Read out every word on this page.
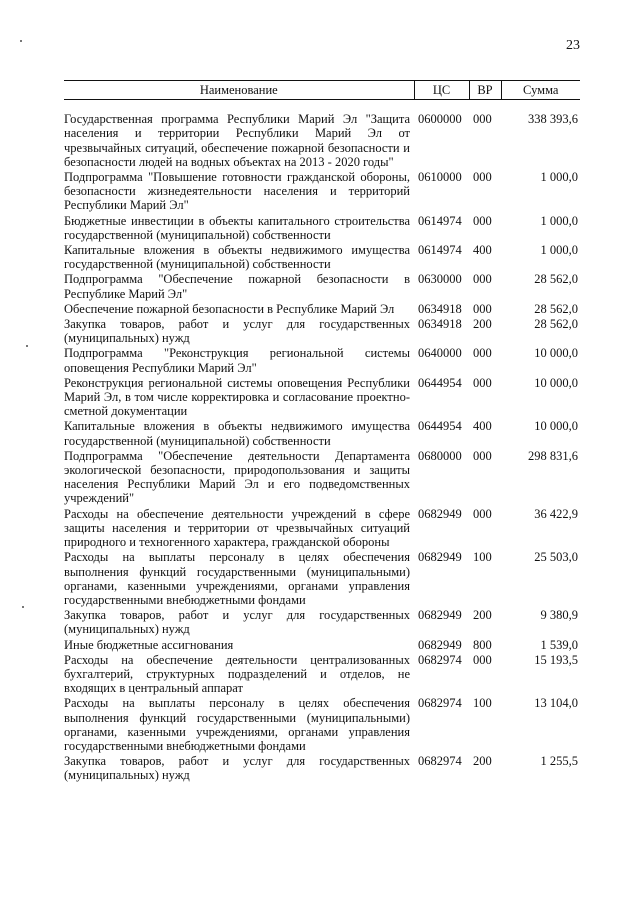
23
Наименование	ЦС	ВР	Сумма

Государственная программа Республики Марий Эл "Защита населения и территории Республики Марий Эл от чрезвычайных ситуаций, обеспечение пожарной безопасности и безопасности людей на водных объектах на 2013 - 2020 годы"	0600000	000	338 393,6
Подпрограмма "Повышение готовности гражданской обороны, безопасности жизнедеятельности населения и территорий Республики Марий Эл"	0610000	000	1 000,0
Бюджетные инвестиции в объекты капитального строительства государственной (муниципальной) собственности	0614974	000	1 000,0
Капитальные вложения в объекты недвижимого имущества государственной (муниципальной) собственности	0614974	400	1 000,0
Подпрограмма "Обеспечение пожарной безопасности в Республике Марий Эл"	0630000	000	28 562,0
Обеспечение пожарной безопасности в Республике Марий Эл	0634918	000	28 562,0
Закупка товаров, работ и услуг для государственных (муниципальных) нужд	0634918	200	28 562,0
Подпрограмма "Реконструкция региональной системы оповещения Республики Марий Эл"	0640000	000	10 000,0
Реконструкция региональной системы оповещения Республики Марий Эл, в том числе корректировка и согласование проектно-сметной документации	0644954	000	10 000,0
Капитальные вложения в объекты недвижимого имущества государственной (муниципальной) собственности	0644954	400	10 000,0
Подпрограмма "Обеспечение деятельности Департамента экологической безопасности, природопользования и защиты населения Республики Марий Эл и его подведомственных учреждений"	0680000	000	298 831,6
Расходы на обеспечение деятельности учреждений в сфере защиты населения и территории от чрезвычайных ситуаций природного и техногенного характера, гражданской обороны	0682949	000	36 422,9
Расходы на выплаты персоналу в целях обеспечения выполнения функций государственными (муниципальными) органами, казенными учреждениями, органами управления государственными внебюджетными фондами	0682949	100	25 503,0
Закупка товаров, работ и услуг для государственных (муниципальных) нужд	0682949	200	9 380,9
Иные бюджетные ассигнования	0682949	800	1 539,0
Расходы на обеспечение деятельности централизованных бухгалтерий, структурных подразделений и отделов, не входящих в центральный аппарат	0682974	000	15 193,5
Расходы на выплаты персоналу в целях обеспечения выполнения функций государственными (муниципальными) органами, казенными учреждениями, органами управления государственными внебюджетными фондами	0682974	100	13 104,0
Закупка товаров, работ и услуг для государственных (муниципальных) нужд	0682974	200	1 255,5
